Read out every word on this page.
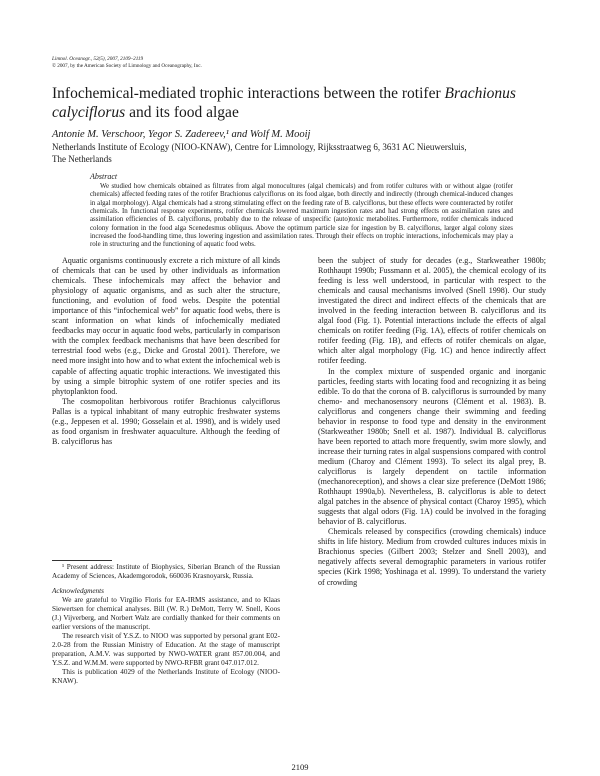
Limnol. Oceanogr., 52(5), 2007, 2109–2119
© 2007, by the American Society of Limnology and Oceanography, Inc.
Infochemical-mediated trophic interactions between the rotifer Brachionus calyciflorus and its food algae
Antonie M. Verschoor, Yegor S. Zadereev,¹ and Wolf M. Mooij
Netherlands Institute of Ecology (NIOO-KNAW), Centre for Limnology, Rijksstraatweg 6, 3631 AC Nieuwersluis,
The Netherlands
Abstract

We studied how chemicals obtained as filtrates from algal monocultures (algal chemicals) and from rotifer cultures with or without algae (rotifer chemicals) affected feeding rates of the rotifer Brachionus calyciflorus on its food algae, both directly and indirectly (through chemical-induced changes in algal morphology). Algal chemicals had a strong stimulating effect on the feeding rate of B. calyciflorus, but these effects were counteracted by rotifer chemicals. In functional response experiments, rotifer chemicals lowered maximum ingestion rates and had strong effects on assimilation rates and assimilation efficiencies of B. calyciflorus, probably due to the release of unspecific (auto)toxic metabolites. Furthermore, rotifer chemicals induced colony formation in the food alga Scenedesmus obliquus. Above the optimum particle size for ingestion by B. calyciflorus, larger algal colony sizes increased the food-handling time, thus lowering ingestion and assimilation rates. Through their effects on trophic interactions, infochemicals may play a role in structuring and the functioning of aquatic food webs.

Aquatic organisms continuously excrete a rich mixture of all kinds of chemicals that can be used by other individuals as information chemicals. These infochemicals may affect the behavior and physiology of aquatic organisms, and as such alter the structure, functioning, and evolution of food webs. Despite the potential importance of this “infochemical web” for aquatic food webs, there is scant information on what kinds of infochemically mediated feedbacks may occur in aquatic food webs, particularly in comparison with the complex feedback mechanisms that have been described for terrestrial food webs (e.g., Dicke and Grostal 2001). Therefore, we need more insight into how and to what extent the infochemical web is capable of affecting aquatic trophic interactions. We investigated this by using a simple bitrophic system of one rotifer species and its phytoplankton food.

The cosmopolitan herbivorous rotifer Brachionus calyciflorus Pallas is a typical inhabitant of many eutrophic freshwater systems (e.g., Jeppesen et al. 1990; Gosselain et al. 1998), and is widely used as food organism in freshwater aquaculture. Although the feeding of B. calyciflorus has

¹ Present address: Institute of Biophysics, Siberian Branch of the Russian Academy of Sciences, Akademgorodok, 660036 Krasnoyarsk, Russia.

Acknowledgments

We are grateful to Virgilio Floris for EA-IRMS assistance, and to Klaas Siewertsen for chemical analyses. Bill (W. R.) DeMott, Terry W. Snell, Koos (J.) Vijverberg, and Norbert Walz are cordially thanked for their comments on earlier versions of the manuscript.

The research visit of Y.S.Z. to NIOO was supported by personal grant E02-2.0-28 from the Russian Ministry of Education. At the stage of manuscript preparation, A.M.V. was supported by NWO-WATER grant 857.00.004, and Y.S.Z. and W.M.M. were supported by NWO-RFBR grant 047.017.012.

This is publication 4029 of the Netherlands Institute of Ecology (NIOO-KNAW).

been the subject of study for decades (e.g., Starkweather 1980b; Rothhaupt 1990b; Fussmann et al. 2005), the chemical ecology of its feeding is less well understood, in particular with respect to the chemicals and causal mechanisms involved (Snell 1998). Our study investigated the direct and indirect effects of the chemicals that are involved in the feeding interaction between B. calyciflorus and its algal food (Fig. 1). Potential interactions include the effects of algal chemicals on rotifer feeding (Fig. 1A), effects of rotifer chemicals on rotifer feeding (Fig. 1B), and effects of rotifer chemicals on algae, which alter algal morphology (Fig. 1C) and hence indirectly affect rotifer feeding.

In the complex mixture of suspended organic and inorganic particles, feeding starts with locating food and recognizing it as being edible. To do that the corona of B. calyciflorus is surrounded by many chemo- and mechanosensory neurons (Clément et al. 1983). B. calyciflorus and congeners change their swimming and feeding behavior in response to food type and density in the environment (Starkweather 1980b; Snell et al. 1987). Individual B. calyciflorus have been reported to attach more frequently, swim more slowly, and increase their turning rates in algal suspensions compared with control medium (Charoy and Clément 1993). To select its algal prey, B. calyciflorus is largely dependent on tactile information (mechanoreception), and shows a clear size preference (DeMott 1986; Rothhaupt 1990a,b). Nevertheless, B. calyciflorus is able to detect algal patches in the absence of physical contact (Charoy 1995), which suggests that algal odors (Fig. 1A) could be involved in the foraging behavior of B. calyciflorus.

Chemicals released by conspecifics (crowding chemicals) induce shifts in life history. Medium from crowded cultures induces mixis in Brachionus species (Gilbert 2003; Stelzer and Snell 2003), and negatively affects several demographic parameters in various rotifer species (Kirk 1998; Yoshinaga et al. 1999). To understand the variety of crowding

2109
